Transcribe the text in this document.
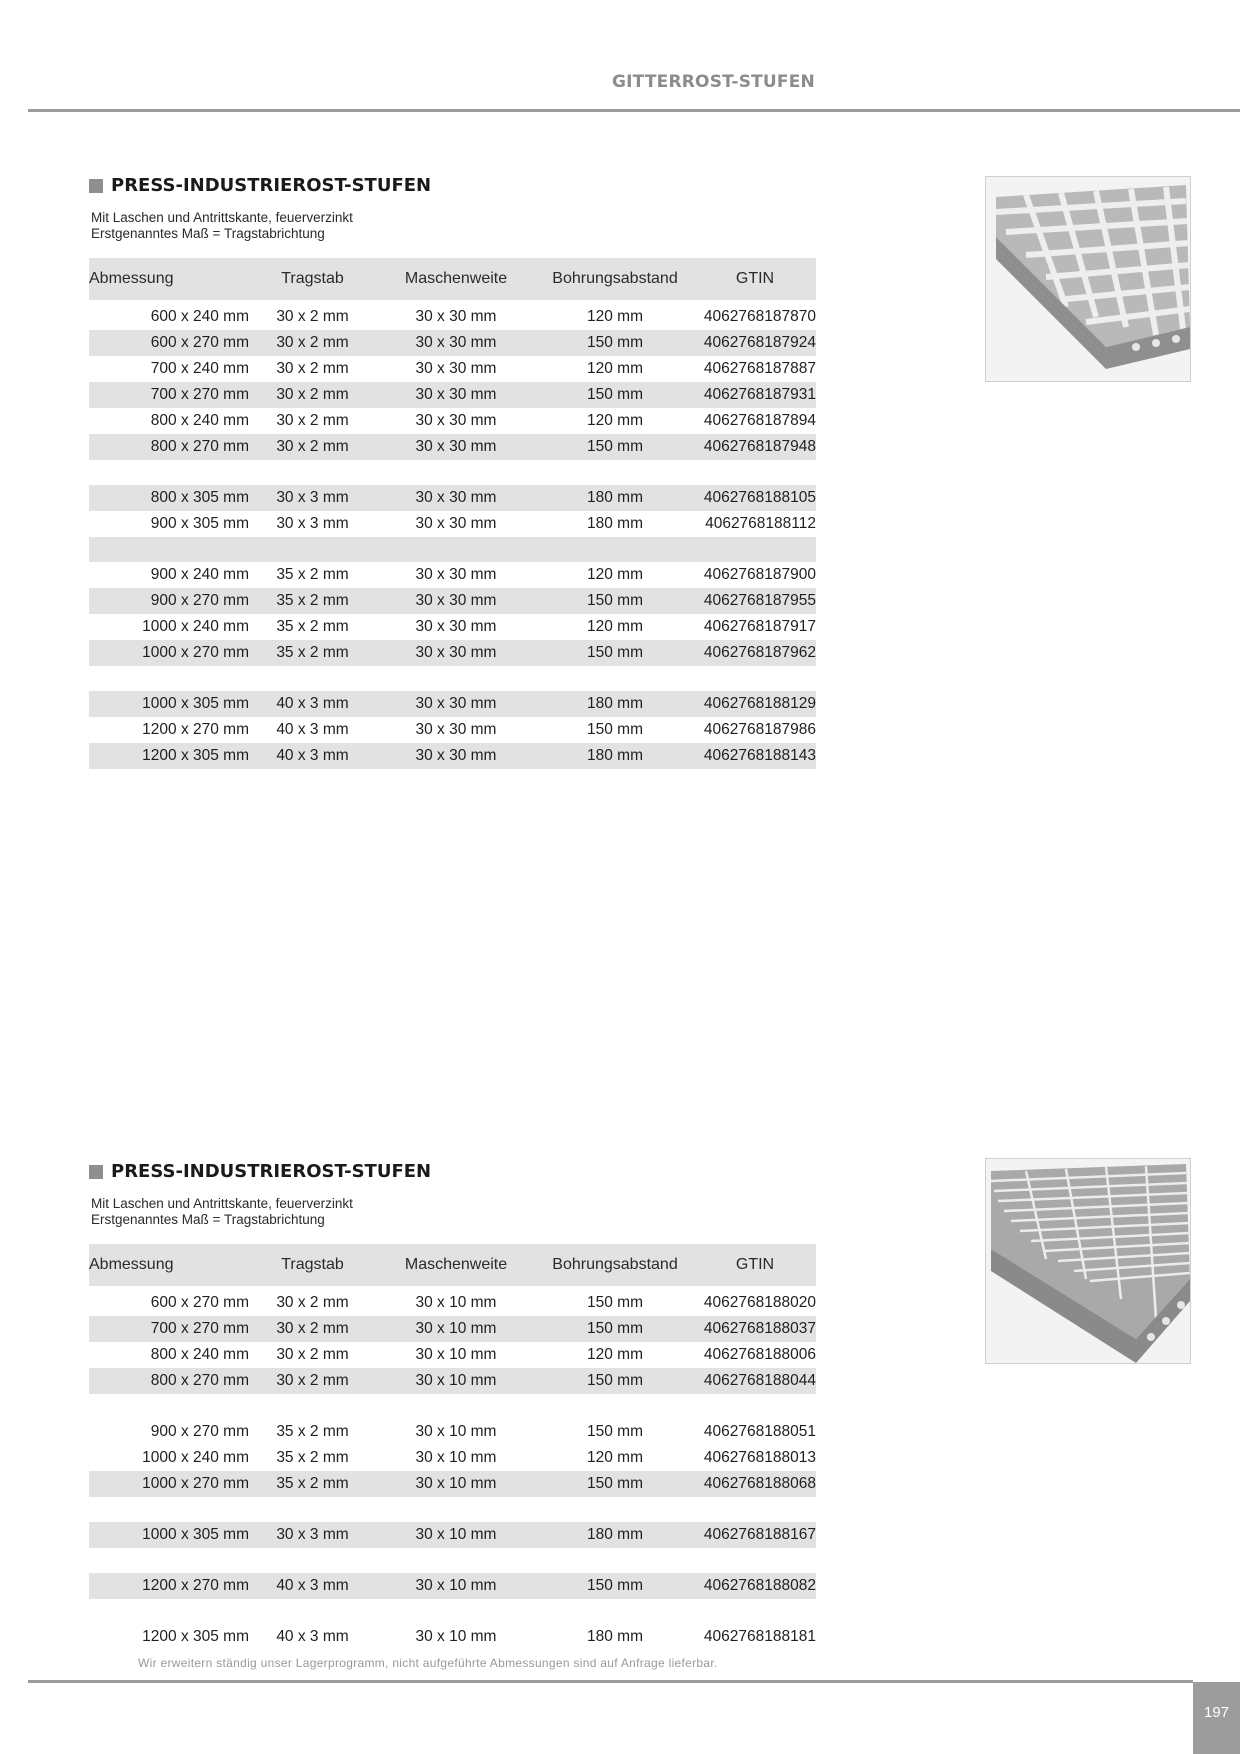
GITTERROST-STUFEN
PRESS-INDUSTRIEROST-STUFEN
Mit Laschen und Antrittskante, feuerverzinkt
Erstgenanntes Maß = Tragstabrichtung
Abmessung	Tragstab	Maschenweite	Bohrungsabstand	GTIN

600 x 240 mm	30 x 2 mm	30 x 30 mm	120 mm	4062768187870
600 x 270 mm	30 x 2 mm	30 x 30 mm	150 mm	4062768187924
700 x 240 mm	30 x 2 mm	30 x 30 mm	120 mm	4062768187887
700 x 270 mm	30 x 2 mm	30 x 30 mm	150 mm	4062768187931
800 x 240 mm	30 x 2 mm	30 x 30 mm	120 mm	4062768187894
800 x 270 mm	30 x 2 mm	30 x 30 mm	150 mm	4062768187948

800 x 305 mm	30 x 3 mm	30 x 30 mm	180 mm	4062768188105
900 x 305 mm	30 x 3 mm	30 x 30 mm	180 mm	4062768188112

900 x 240 mm	35 x 2 mm	30 x 30 mm	120 mm	4062768187900
900 x 270 mm	35 x 2 mm	30 x 30 mm	150 mm	4062768187955
1000 x 240 mm	35 x 2 mm	30 x 30 mm	120 mm	4062768187917
1000 x 270 mm	35 x 2 mm	30 x 30 mm	150 mm	4062768187962

1000 x 305 mm	40 x 3 mm	30 x 30 mm	180 mm	4062768188129
1200 x 270 mm	40 x 3 mm	30 x 30 mm	150 mm	4062768187986
1200 x 305 mm	40 x 3 mm	30 x 30 mm	180 mm	4062768188143
PRESS-INDUSTRIEROST-STUFEN
Mit Laschen und Antrittskante, feuerverzinkt
Erstgenanntes Maß = Tragstabrichtung
Abmessung	Tragstab	Maschenweite	Bohrungsabstand	GTIN

600 x 270 mm	30 x 2 mm	30 x 10 mm	150 mm	4062768188020
700 x 270 mm	30 x 2 mm	30 x 10 mm	150 mm	4062768188037
800 x 240 mm	30 x 2 mm	30 x 10 mm	120 mm	4062768188006
800 x 270 mm	30 x 2 mm	30 x 10 mm	150 mm	4062768188044

900 x 270 mm	35 x 2 mm	30 x 10 mm	150 mm	4062768188051
1000 x 240 mm	35 x 2 mm	30 x 10 mm	120 mm	4062768188013
1000 x 270 mm	35 x 2 mm	30 x 10 mm	150 mm	4062768188068

1000 x 305 mm	30 x 3 mm	30 x 10 mm	180 mm	4062768188167

1200 x 270 mm	40 x 3 mm	30 x 10 mm	150 mm	4062768188082

1200 x 305 mm	40 x 3 mm	30 x 10 mm	180 mm	4062768188181

Wir erweitern ständig unser Lagerprogramm, nicht aufgeführte Abmessungen sind auf Anfrage lieferbar.

197
